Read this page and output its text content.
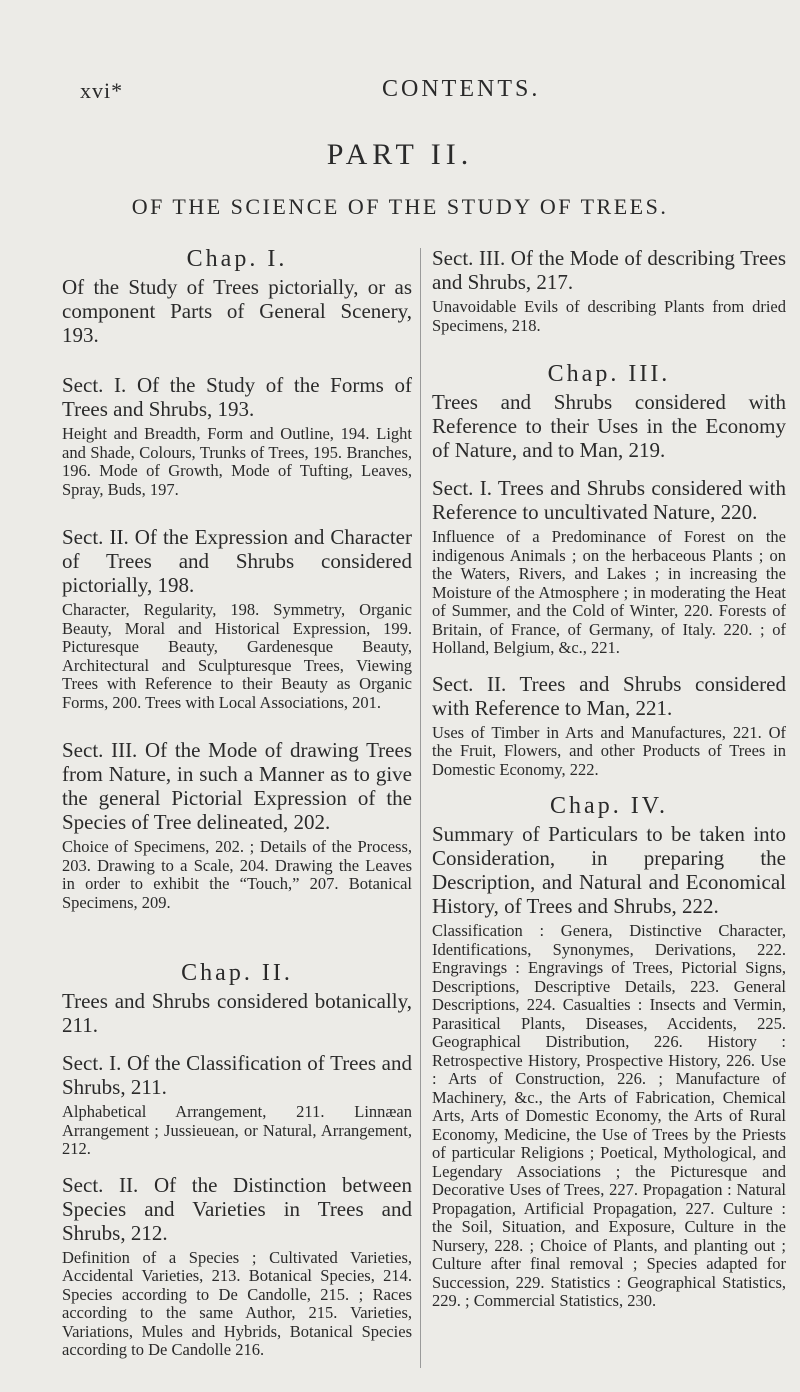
xvi*	CONTENTS.
PART II.
OF THE SCIENCE OF THE STUDY OF TREES.
Chap. I.

Of the Study of Trees pictorially, or as component Parts of General Scenery, 193.

Sect. I. Of the Study of the Forms of Trees and Shrubs, 193.

Height and Breadth, Form and Outline, 194. Light and Shade, Colours, Trunks of Trees, 195. Branches, 196. Mode of Growth, Mode of Tufting, Leaves, Spray, Buds, 197.

Sect. II. Of the Expression and Character of Trees and Shrubs considered pictorially, 198.

Character, Regularity, 198. Symmetry, Organic Beauty, Moral and Historical Expression, 199. Picturesque Beauty, Gardenesque Beauty, Architectural and Sculpturesque Trees, Viewing Trees with Reference to their Beauty as Organic Forms, 200. Trees with Local Associations, 201.

Sect. III. Of the Mode of drawing Trees from Nature, in such a Manner as to give the general Pictorial Expression of the Species of Tree delineated, 202.

Choice of Specimens, 202. ; Details of the Process, 203. Drawing to a Scale, 204. Drawing the Leaves in order to exhibit the “Touch,” 207. Botanical Specimens, 209.

Chap. II.

Trees and Shrubs considered botanically, 211.

Sect. I. Of the Classification of Trees and Shrubs, 211.

Alphabetical Arrangement, 211. Linnæan Arrangement ; Jussieuean, or Natural, Arrangement, 212.

Sect. II. Of the Distinction between Species and Varieties in Trees and Shrubs, 212.

Definition of a Species ; Cultivated Varieties, Accidental Varieties, 213. Botanical Species, 214. Species according to De Candolle, 215. ; Races according to the same Author, 215. Varieties, Variations, Mules and Hybrids, Botanical Species according to De Candolle 216.

Sect. III. Of the Mode of describing Trees and Shrubs, 217.

Unavoidable Evils of describing Plants from dried Specimens, 218.

Chap. III.

Trees and Shrubs considered with Reference to their Uses in the Economy of Nature, and to Man, 219.

Sect. I. Trees and Shrubs considered with Reference to uncultivated Nature, 220.

Influence of a Predominance of Forest on the indigenous Animals ; on the herbaceous Plants ; on the Waters, Rivers, and Lakes ; in increasing the Moisture of the Atmosphere ; in moderating the Heat of Summer, and the Cold of Winter, 220. Forests of Britain, of France, of Germany, of Italy. 220. ; of Holland, Belgium, &c., 221.

Sect. II. Trees and Shrubs considered with Reference to Man, 221.

Uses of Timber in Arts and Manufactures, 221. Of the Fruit, Flowers, and other Products of Trees in Domestic Economy, 222.

Chap. IV.

Summary of Particulars to be taken into Consideration, in preparing the Description, and Natural and Economical History, of Trees and Shrubs, 222.

Classification : Genera, Distinctive Character, Identifications, Synonymes, Derivations, 222. Engravings : Engravings of Trees, Pictorial Signs, Descriptions, Descriptive Details, 223. General Descriptions, 224. Casualties : Insects and Vermin, Parasitical Plants, Diseases, Accidents, 225. Geographical Distribution, 226. History : Retrospective History, Prospective History, 226. Use : Arts of Construction, 226. ; Manufacture of Machinery, &c., the Arts of Fabrication, Chemical Arts, Arts of Domestic Economy, the Arts of Rural Economy, Medicine, the Use of Trees by the Priests of particular Religions ; Poetical, Mythological, and Legendary Associations ; the Picturesque and Decorative Uses of Trees, 227. Propagation : Natural Propagation, Artificial Propagation, 227. Culture : the Soil, Situation, and Exposure, Culture in the Nursery, 228. ; Choice of Plants, and planting out ; Culture after final removal ; Species adapted for Succession, 229. Statistics : Geographical Statistics, 229. ; Commercial Statistics, 230.
